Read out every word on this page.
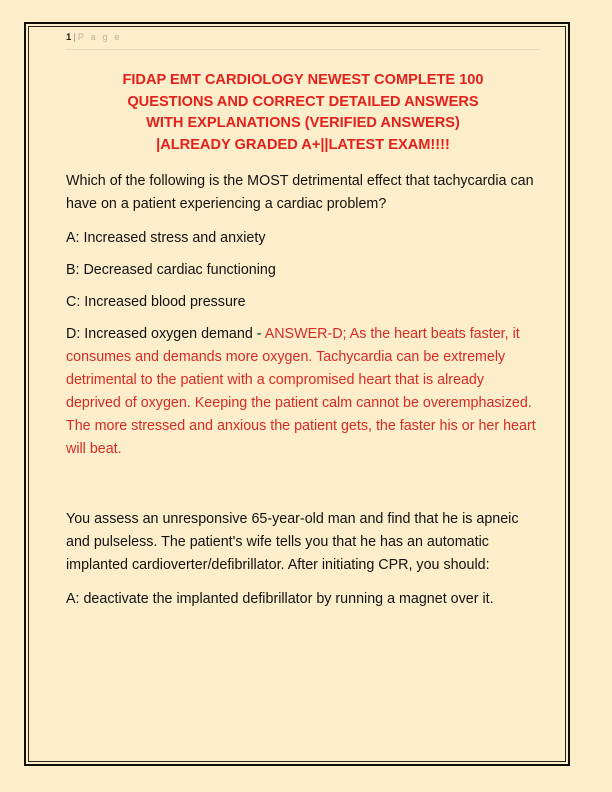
1 | P a g e
FIDAP EMT CARDIOLOGY NEWEST COMPLETE 100
QUESTIONS AND CORRECT DETAILED ANSWERS
WITH EXPLANATIONS (VERIFIED ANSWERS)
|ALREADY GRADED A+||LATEST EXAM!!!!

Which of the following is the MOST detrimental effect that tachycardia can have on a patient experiencing a cardiac problem?

A: Increased stress and anxiety

B: Decreased cardiac functioning

C: Increased blood pressure

D: Increased oxygen demand - ANSWER-D; As the heart beats faster, it consumes and demands more oxygen. Tachycardia can be extremely detrimental to the patient with a compromised heart that is already deprived of oxygen. Keeping the patient calm cannot be overemphasized. The more stressed and anxious the patient gets, the faster his or her heart will beat.

You assess an unresponsive 65-year-old man and find that he is apneic and pulseless. The patient's wife tells you that he has an automatic implanted cardioverter/defibrillator. After initiating CPR, you should:

A: deactivate the implanted defibrillator by running a magnet over it.
